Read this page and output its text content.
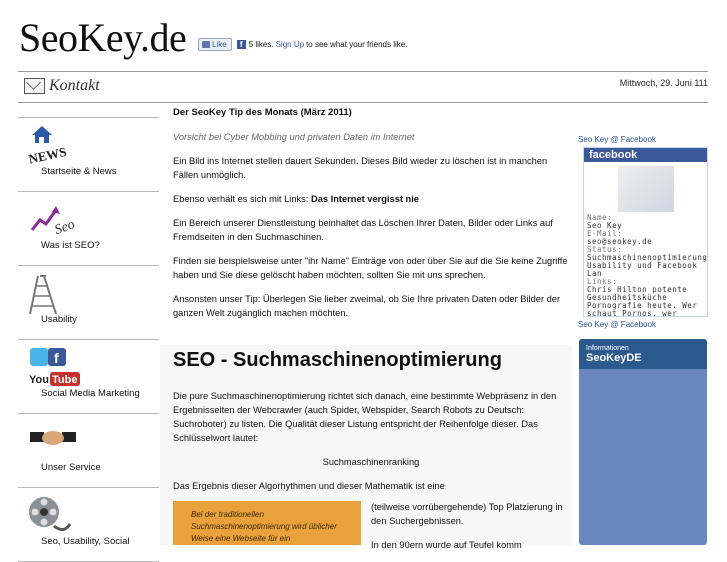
SeoKey.de	Like	f 5 likes. Sign Up to see what your friends like.
Kontakt	Mittwoch, 29. Juni 111
NEWS
Startseite & News
Seo
Was ist SEO?
Usability
f
You Tube
Social Media Marketing
Unser Service
Seo, Usability, Social
Der SeoKey Tip des Monats (März 2011)

Vorsicht bei Cyber Mobbing und privaten Daten im Internet

Ein Bild ins Internet stellen dauert Sekunden. Dieses Bild wieder zu löschen ist in manchen Fällen unmöglich.

Ebenso verhält es sich mit Links: Das Internet vergisst nie

Ein Bereich unserer Dienstleistung beinhaltet das Löschen Ihrer Daten, Bilder oder Links auf Fremdseiten in den Suchmaschinen.

Finden sie beispielsweise unter "ihr Name" Einträge von oder über Sie auf die Sie keine Zugriffe haben und Sie diese gelöscht haben möchten, sollten Sie mit uns sprechen.

Ansonsten unser Tip: Überlegen Sie lieber zweimal, ob Sie Ihre privaten Daten oder Bilder der ganzen Welt zugänglich machen möchten.

SEO - Suchmaschinenoptimierung

Die pure Suchmaschinenoptimierung richtet sich danach, eine bestimmte Webpräsenz in den Ergebnisseiten der Webcrawler (auch Spider, Webspider, Search Robots zu Deutsch: Suchroboter) zu listen. Die Qualität dieser Listung entspricht der Reihenfolge dieser. Das Schlüsselwort lautet:

Suchmaschinenranking

Das Ergebnis dieser Algorhythmen und dieser Mathematik ist eine

Bei der traditionellen Suchmaschinenoptimierung wird üblicher Weise eine Webseite für ein

(teilweise vorrübergehende) Top Platzierung in den Suchergebnissen.

In den 90ern wurde auf Teufel komm

Seo Key @ Facebook
facebook
Name:
Seo Key
E-Mail:
seo@seokey.de
Status:
Suchmaschinenoptimierung Usability und Facebook Lan
Links:
Chris Hilton potente Gesundheitsküche Pornografie heute. Wer schaut Pornos, wer
Seo Key @ Facebook
Informationen
SeoKeyDE
